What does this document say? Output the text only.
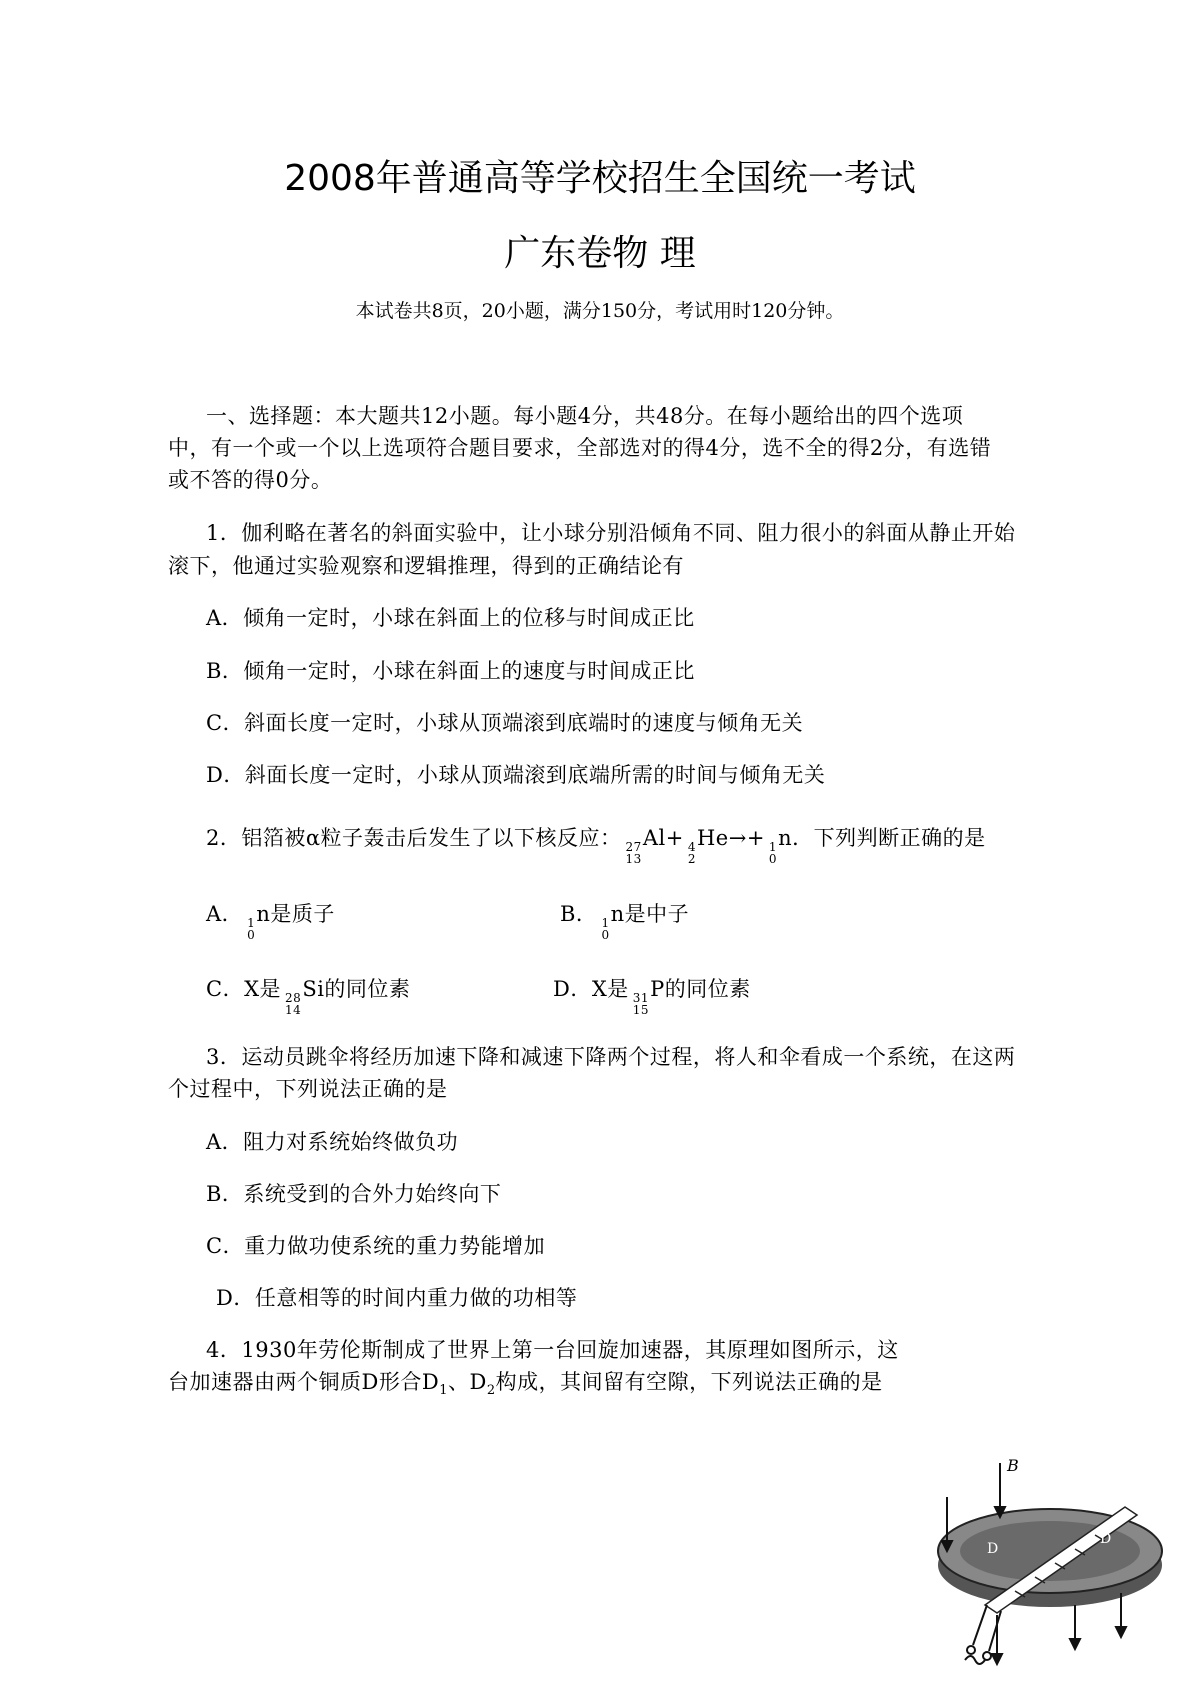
2008年普通高等学校招生全国统一考试
广东卷物 理
本试卷共8页，20小题，满分150分，考试用时120分钟。
一、选择题：本大题共12小题。每小题4分，共48分。在每小题给出的四个选项
中，有一个或一个以上选项符合题目要求，全部选对的得4分，选不全的得2分，有选错
或不答的得0分。
1．伽利略在著名的斜面实验中，让小球分别沿倾角不同、阻力很小的斜面从静止开始
滚下，他通过实验观察和逻辑推理，得到的正确结论有
A．倾角一定时，小球在斜面上的位移与时间成正比
B．倾角一定时，小球在斜面上的速度与时间成正比
C．斜面长度一定时，小球从顶端滚到底端时的速度与倾角无关
D．斜面长度一定时，小球从顶端滚到底端所需的时间与倾角无关
2．铝箔被α粒子轰击后发生了以下核反应： 27
13
Al+ 4
2
He→+ 1
0
n．下列判断正确的是
A． 1
0
n是质子	B． 1
0
n是中子
C．X是 28
14
Si的同位素	D．X是 31
15
P的同位素
3．运动员跳伞将经历加速下降和减速下降两个过程，将人和伞看成一个系统，在这两
个过程中，下列说法正确的是
A．阻力对系统始终做负功
B．系统受到的合外力始终向下
C．重力做功使系统的重力势能增加
D．任意相等的时间内重力做的功相等
4．1930年劳伦斯制成了世界上第一台回旋加速器，其原理如图所示，这
台加速器由两个铜质D形合$D_1$、$D_2$构成，其间留有空隙，下列说法正确的是
B
D
D
